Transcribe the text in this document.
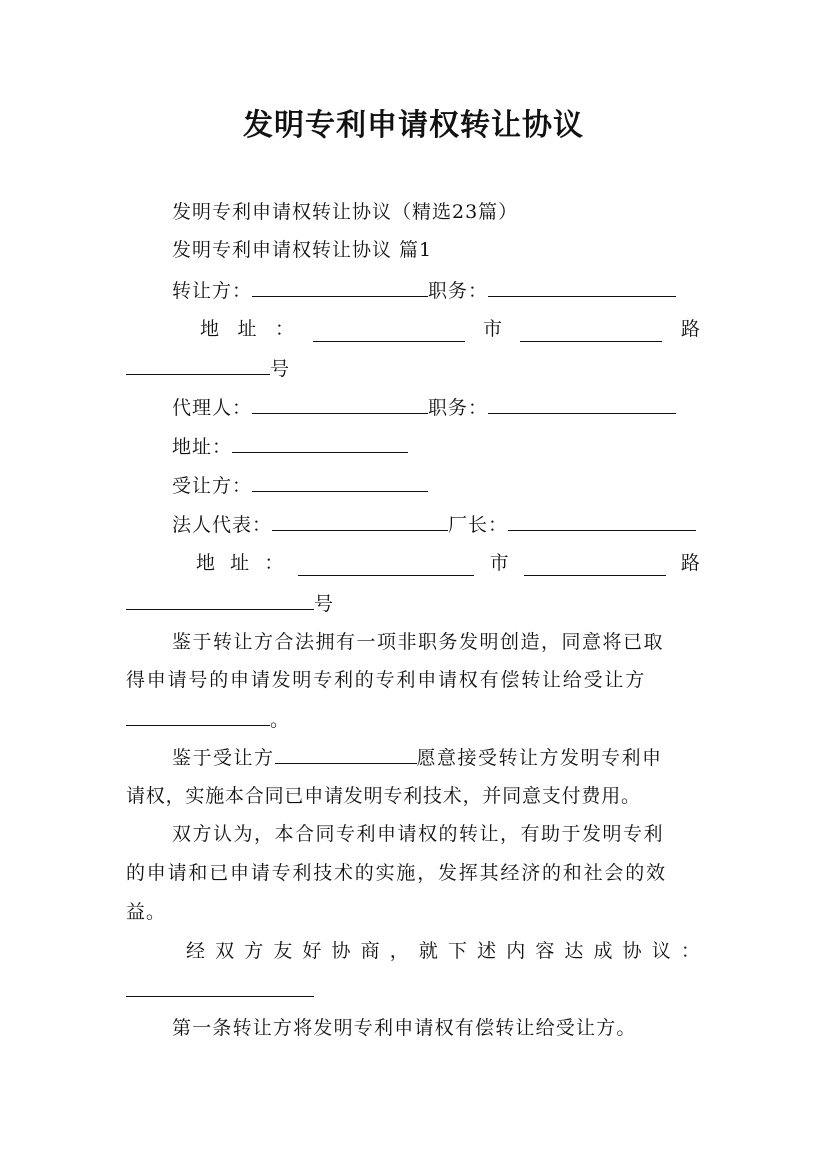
发明专利申请权转让协议
发明专利申请权转让协议（精选23篇）
发明专利申请权转让协议 篇1
转让方：	职务：
地 址 ：	市	路
号
代理人：	职务：
地址：
受让方：
法人代表：	厂长：
地 址 ：	市	路
号
鉴于转让方合法拥有一项非职务发明创造，同意将已取
得申请号的申请发明专利的专利申请权有偿转让给受让方
。
鉴于受让方	愿意接受转让方发明专利申
请权，实施本合同已申请发明专利技术，并同意支付费用。
双方认为，本合同专利申请权的转让，有助于发明专利
的申请和已申请专利技术的实施，发挥其经济的和社会的效
益。
经 双 方 友 好 协 商 ， 就 下 述 内 容 达 成 协 议 ：
第一条转让方将发明专利申请权有偿转让给受让方。
